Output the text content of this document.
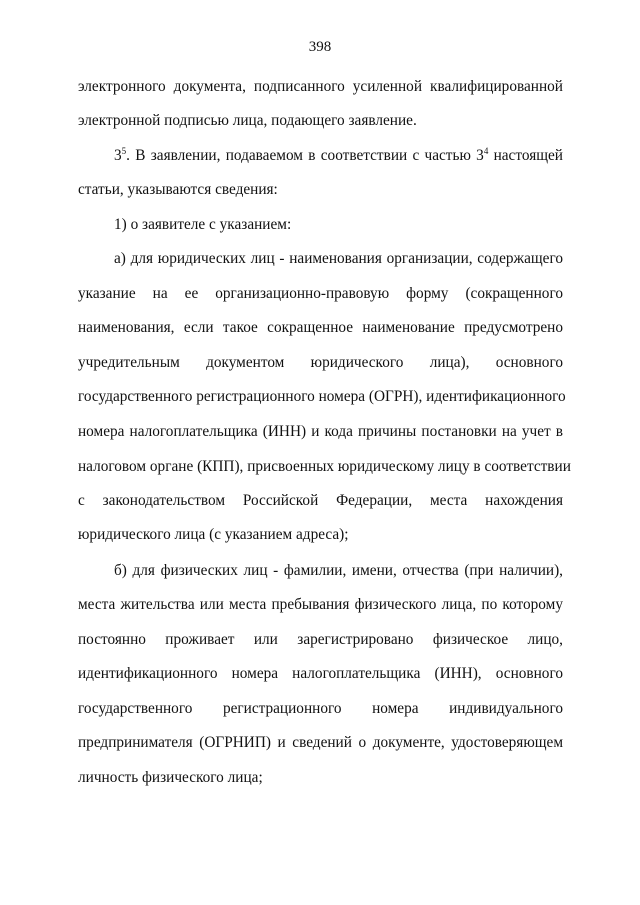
398
электронного документа, подписанного усиленной квалифицированной
электронной подписью лица, подающего заявление.
$3^5$. В заявлении, подаваемом в соответствии с частью $3^4$ настоящей
статьи, указываются сведения:
1) о заявителе с указанием:
а) для юридических лиц - наименования организации, содержащего
указание на ее организационно-правовую форму (сокращенного
наименования, если такое сокращенное наименование предусмотрено
учредительным документом юридического лица), основного
государственного регистрационного номера (ОГРН), идентификационного
номера налогоплательщика (ИНН) и кода причины постановки на учет в
налоговом органе (КПП), присвоенных юридическому лицу в соответствии
с законодательством Российской Федерации, места нахождения
юридического лица (с указанием адреса);
б) для физических лиц - фамилии, имени, отчества (при наличии),
места жительства или места пребывания физического лица, по которому
постоянно проживает или зарегистрировано физическое лицо,
идентификационного номера налогоплательщика (ИНН), основного
государственного регистрационного номера индивидуального
предпринимателя (ОГРНИП) и сведений о документе, удостоверяющем
личность физического лица;
